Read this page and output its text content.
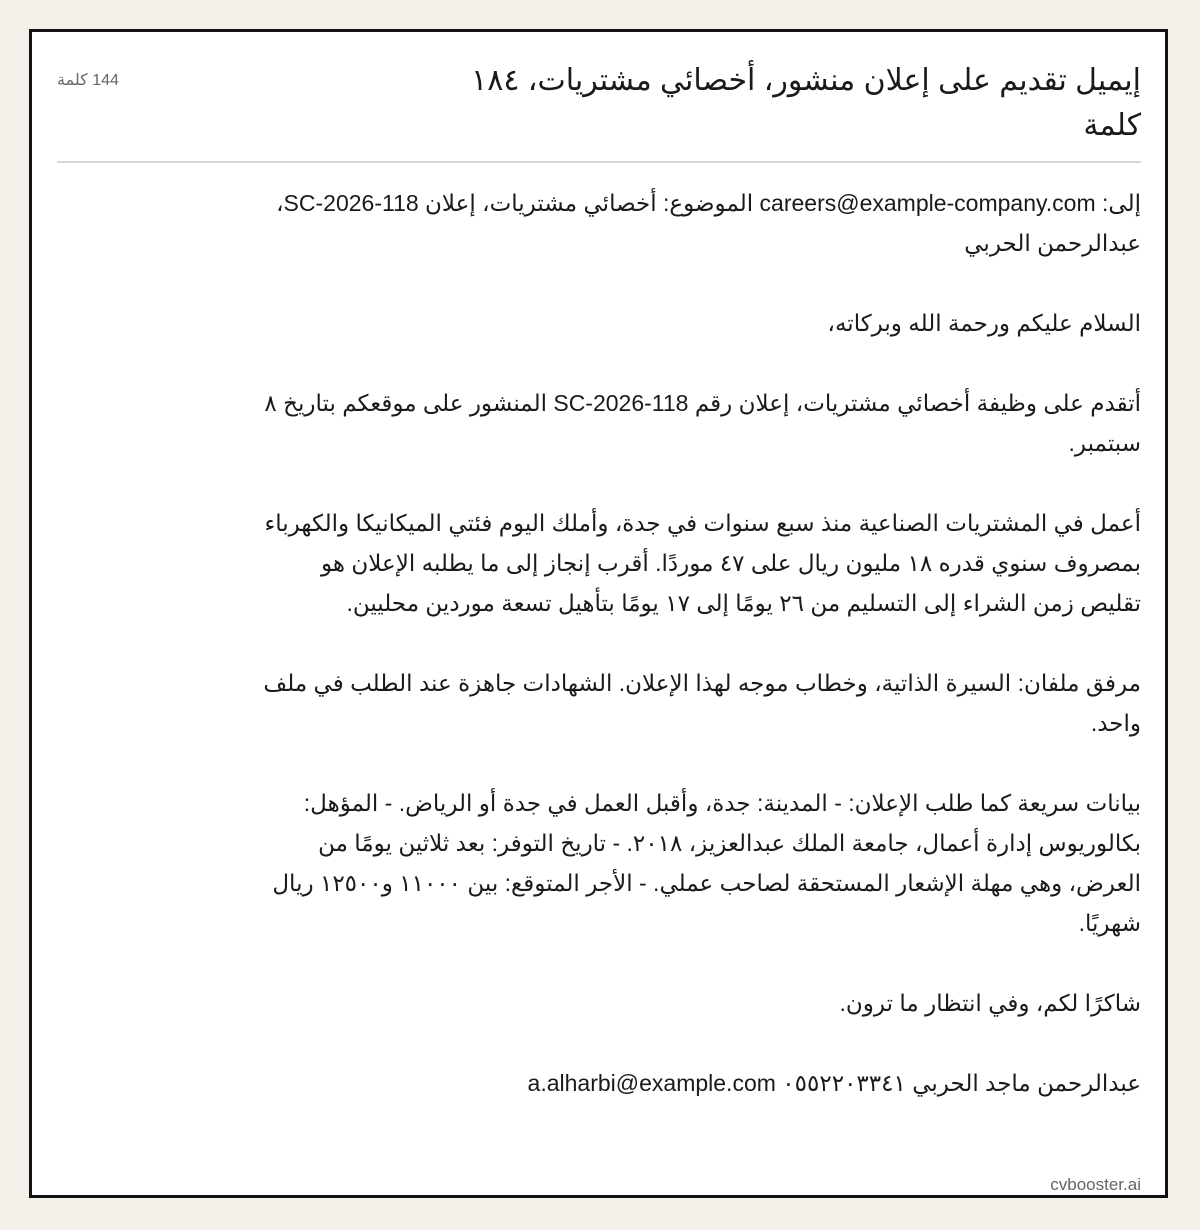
إيميل تقديم على إعلان منشور، أخصائي مشتريات، ١٨٤ كلمة
144 كلمة

إلى: careers@example-company.com الموضوع: أخصائي مشتريات، إعلان SC-2026-118، عبدالرحمن الحربي

السلام عليكم ورحمة الله وبركاته،

أتقدم على وظيفة أخصائي مشتريات، إعلان رقم SC-2026-118 المنشور على موقعكم بتاريخ ٨ سبتمبر.

أعمل في المشتريات الصناعية منذ سبع سنوات في جدة، وأملك اليوم فئتي الميكانيكا والكهرباء بمصروف سنوي قدره ١٨ مليون ريال على ٤٧ موردًا. أقرب إنجاز إلى ما يطلبه الإعلان هو تقليص زمن الشراء إلى التسليم من ٢٦ يومًا إلى ١٧ يومًا بتأهيل تسعة موردين محليين.

مرفق ملفان: السيرة الذاتية، وخطاب موجه لهذا الإعلان. الشهادات جاهزة عند الطلب في ملف واحد.

بيانات سريعة كما طلب الإعلان: - المدينة: جدة، وأقبل العمل في جدة أو الرياض. - المؤهل: بكالوريوس إدارة أعمال، جامعة الملك عبدالعزيز، ٢٠١٨. - تاريخ التوفر: بعد ثلاثين يومًا من العرض، وهي مهلة الإشعار المستحقة لصاحب عملي. - الأجر المتوقع: بين ١١٠٠٠ و١٢٥٠٠ ريال شهريًا.

شاكرًا لكم، وفي انتظار ما ترون.

عبدالرحمن ماجد الحربي ٠٥٥٢٢٠٣٣٤١ a.alharbi@example.com

cvbooster.ai
